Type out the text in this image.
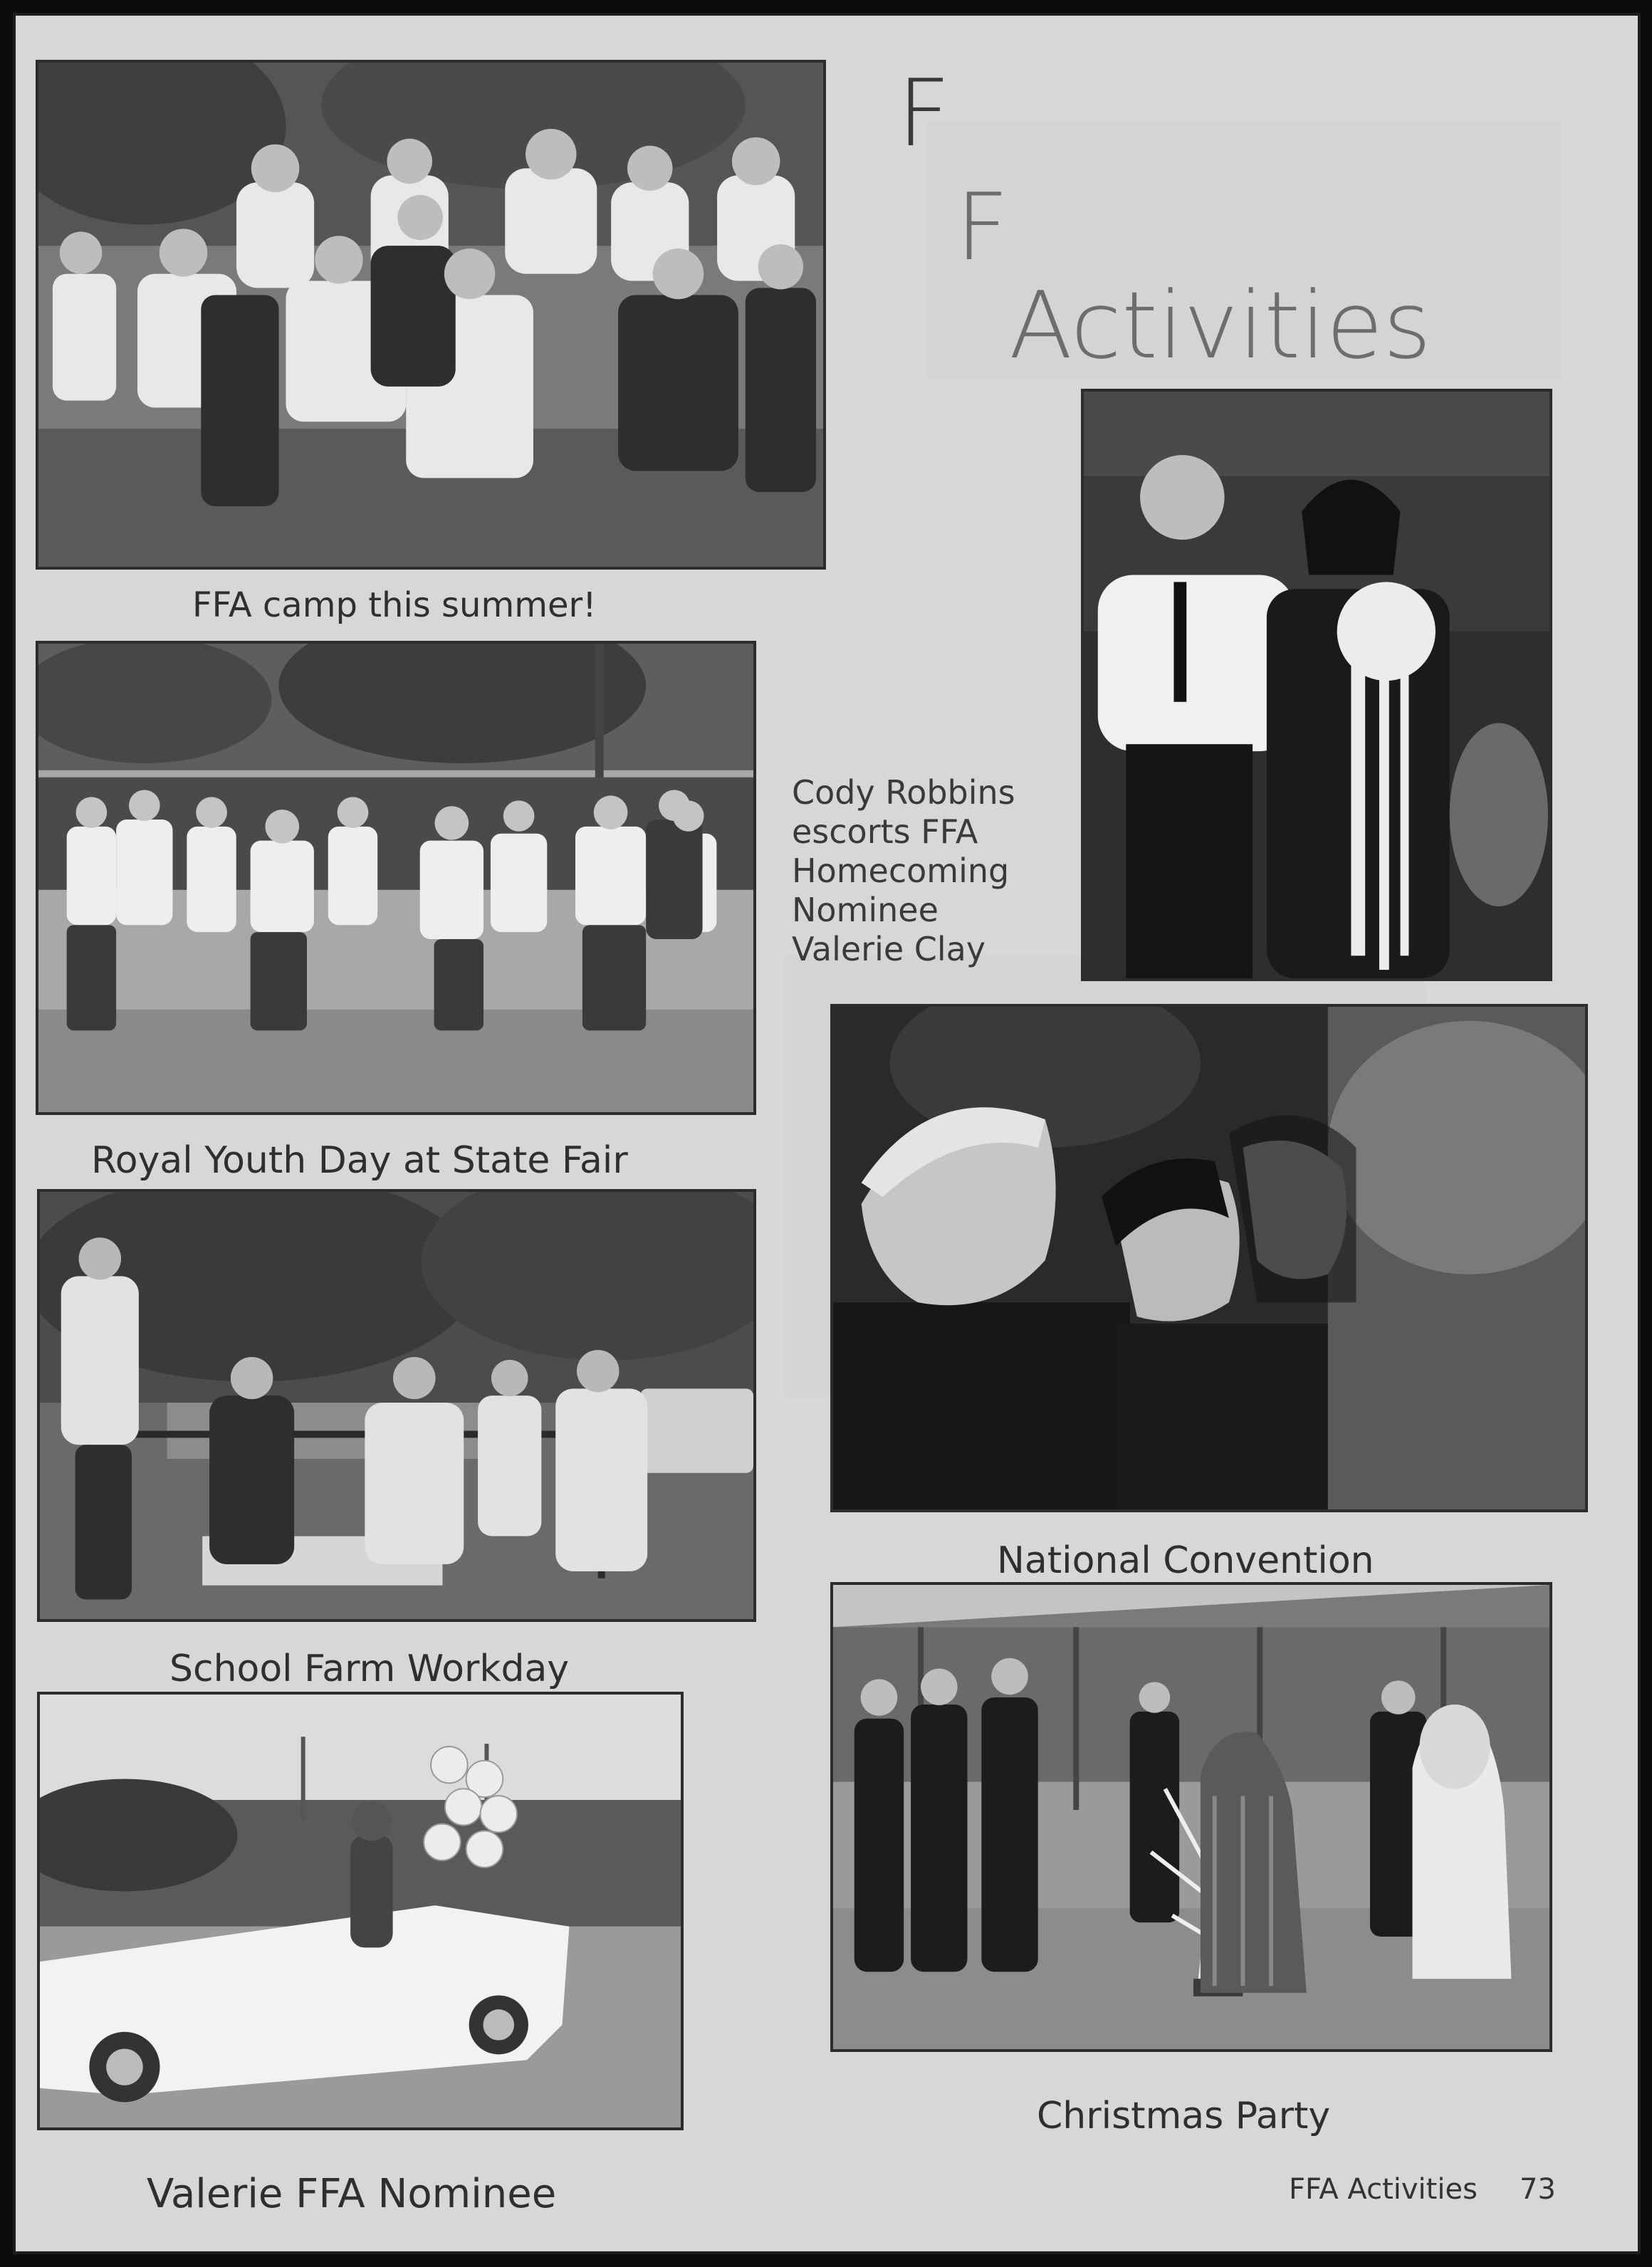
F
F
Activities
FFA camp this summer!
Royal Youth Day at State Fair
School Farm Workday
Valerie FFA Nominee
Cody Robbins
escorts FFA
Homecoming
Nominee
Valerie Clay
National Convention
Christmas Party
FFA Activities 73
